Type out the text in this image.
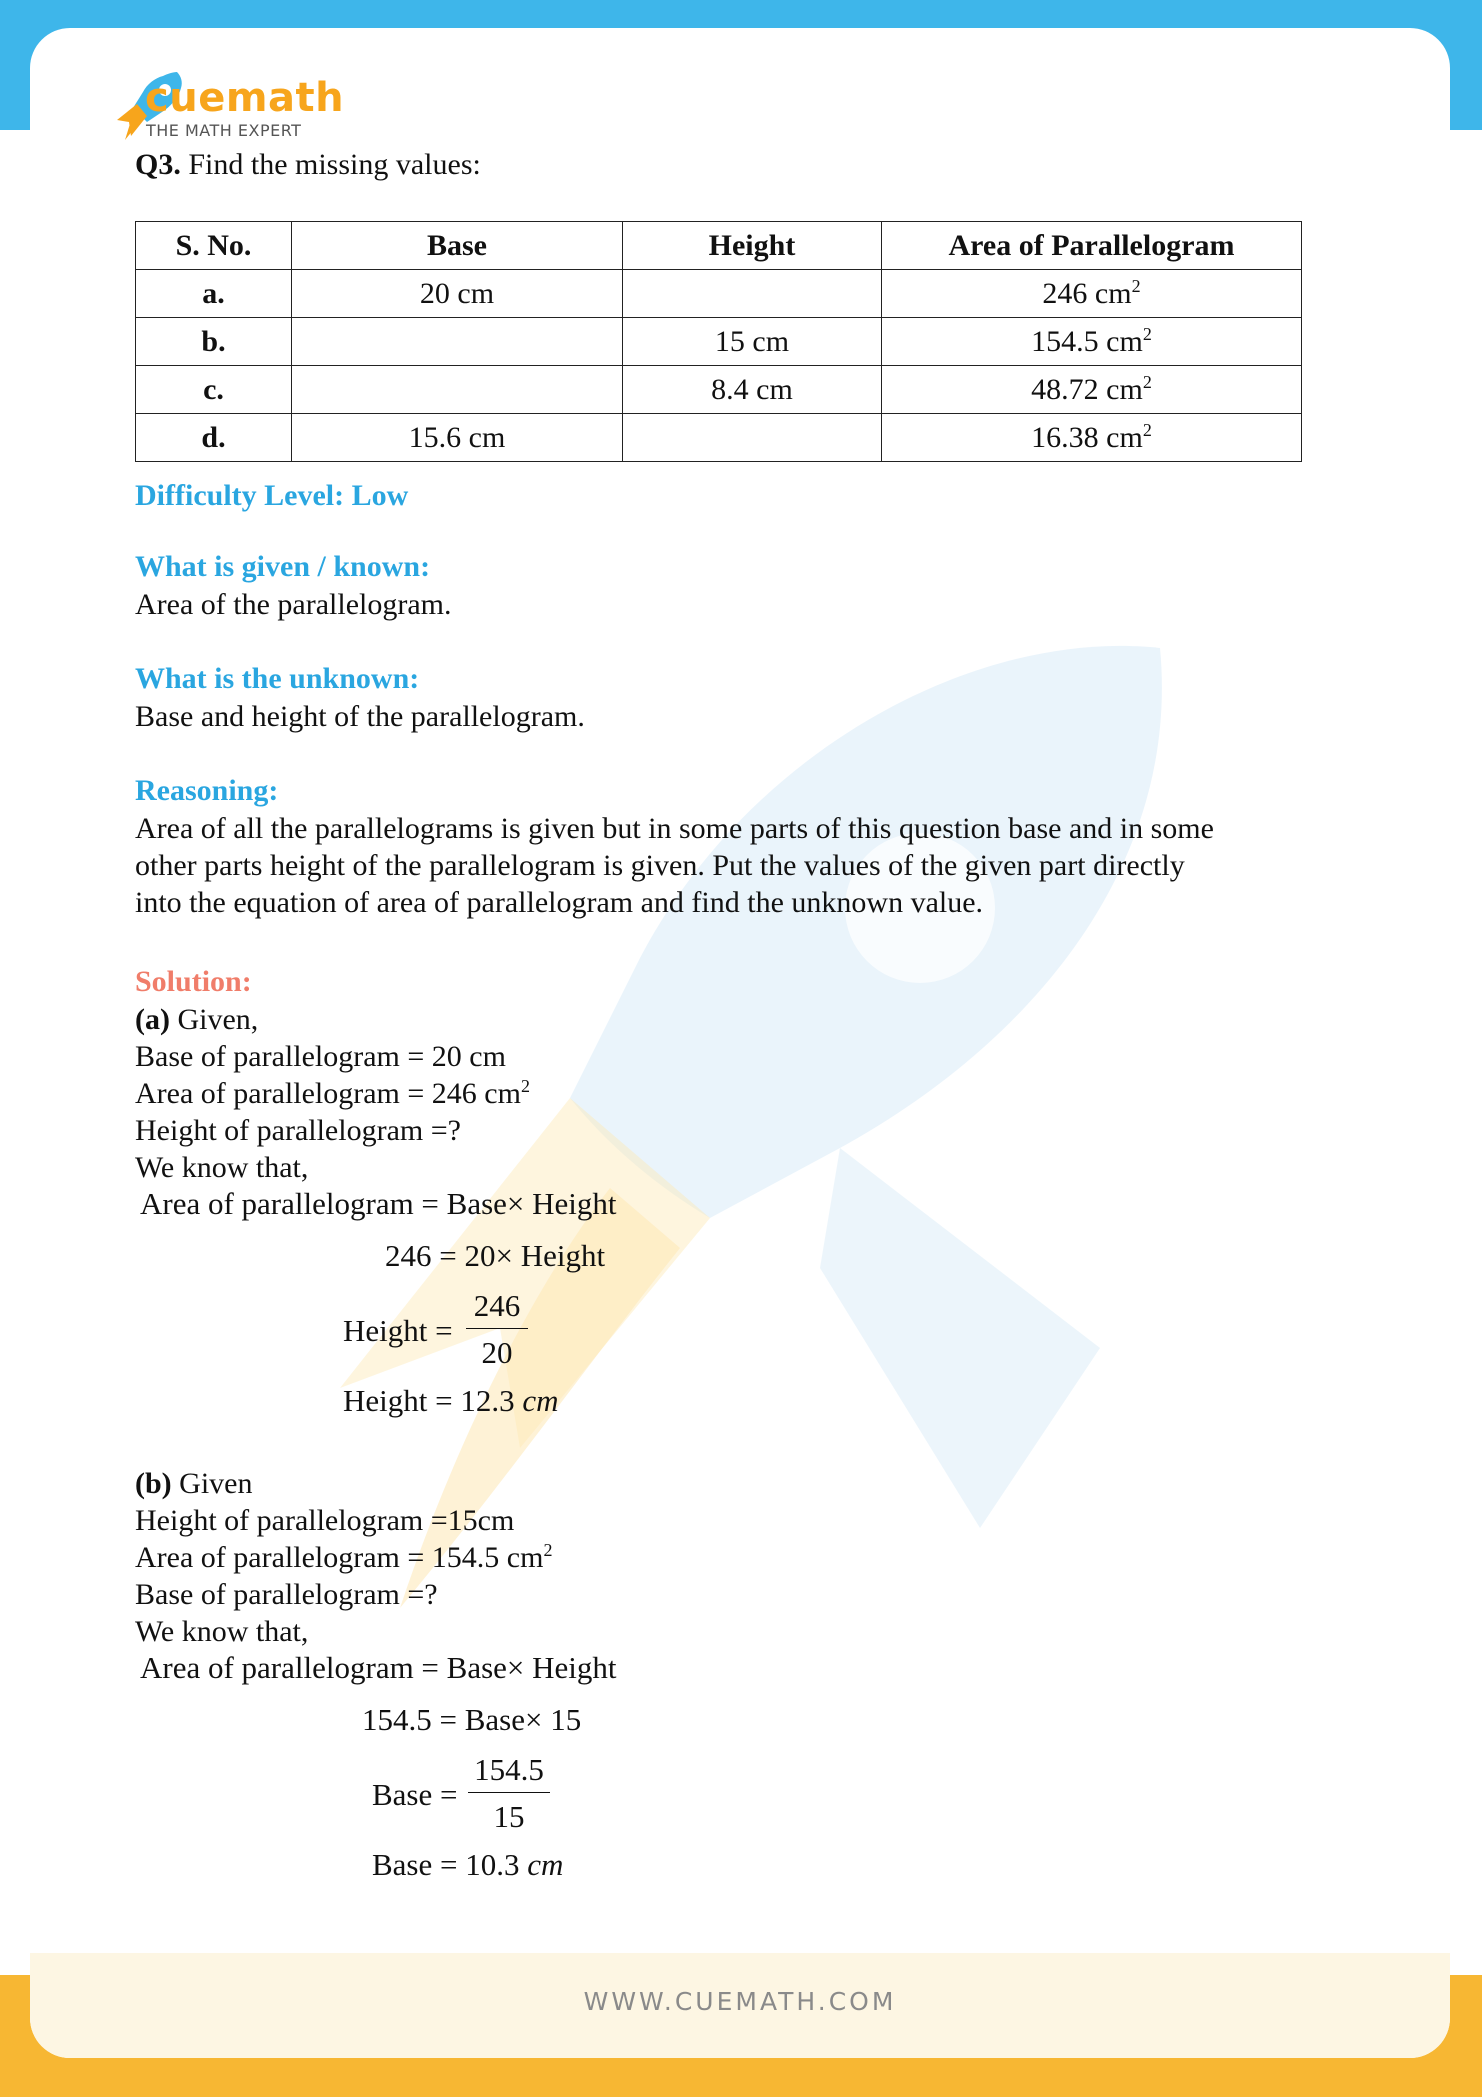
WWW.CUEMATH.COM
cuemath
THE MATH EXPERT
Q3. Find the missing values:
S. No.	Base	Height	Area of Parallelogram
a.	20 cm		246 $cm^2$
b.		15 cm	154.5 $cm^2$
c.		8.4 cm	48.72 $cm^2$
d.	15.6 cm		16.38 $cm^2$
Difficulty Level: Low
What is given / known:
Area of the parallelogram.
What is the unknown:
Base and height of the parallelogram.
Reasoning:
Area of all the parallelograms is given but in some parts of this question base and in some
other parts height of the parallelogram is given. Put the values of the given part directly
into the equation of area of parallelogram and find the unknown value.
Solution:
(a) Given,
Base of parallelogram = 20 cm
Area of parallelogram = 246 $cm^2$
Height of parallelogram =?
We know that,
Area of parallelogram = Base× Height
246 = 20× Height
Height = $\frac{246}{20}$
Height = 12.3 cm
(b) Given
Height of parallelogram =15cm
Area of parallelogram = 154.5 $cm^2$
Base of parallelogram =?
We know that,
Area of parallelogram = Base× Height
154.5 = Base× 15
Base = $\frac{154.5}{15}$
Base = 10.3 cm
